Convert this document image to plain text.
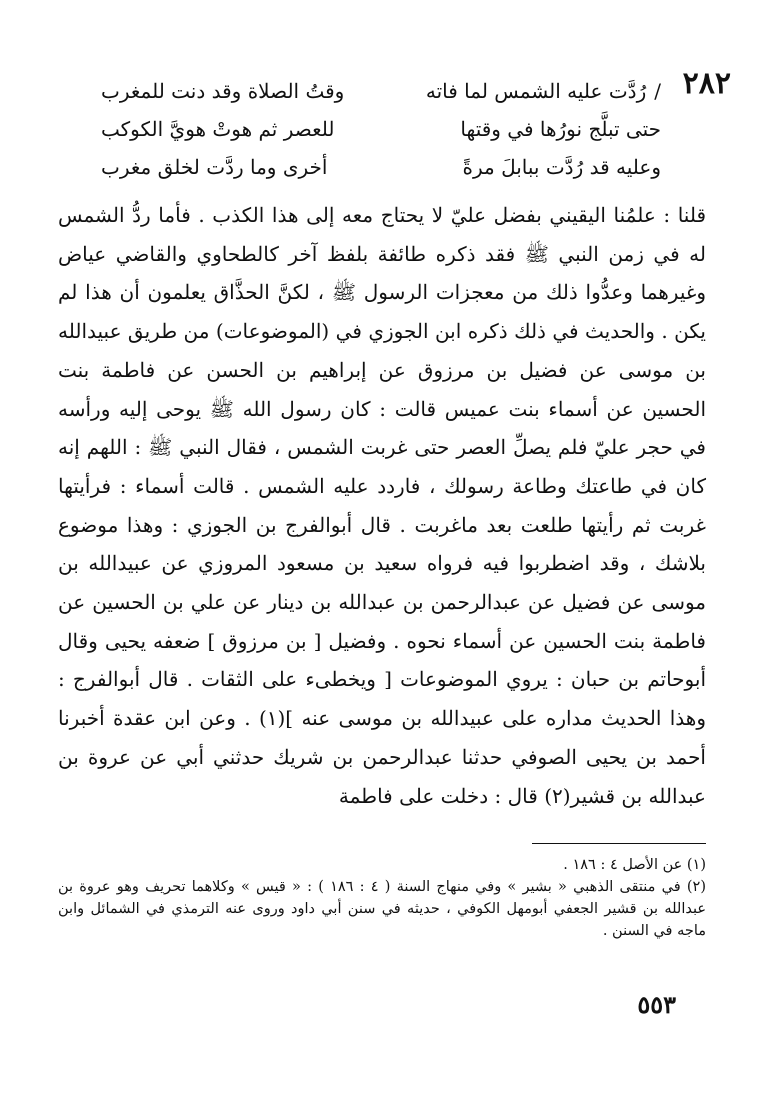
٢٨٢
/رُدَّت عليه الشمس لما فاته
وقتُ الصلاة وقد دنت للمغرب
حتى تبلَّج نورُها في وقتها
للعصر ثم هوتْ هويَّ الكوكب
وعليه قد رُدَّت ببابلَ مرةً
أخرى وما ردَّت لخلق مغرب

قلنا : علمُنا اليقيني بفضل عليّ لا يحتاج معه إلى هذا الكذب . فأما ردُّ الشمس له في زمن النبي ﷺ فقد ذكره طائفة بلفظ آخر كالطحاوي والقاضي عياض وغيرهما وعدُّوا ذلك من معجزات الرسول ﷺ ، لكنَّ الحذَّاق يعلمون أن هذا لم يكن . والحديث في ذلك ذكره ابن الجوزي في (الموضوعات) من طريق عبيدالله بن موسى عن فضيل بن مرزوق عن إبراهيم بن الحسن عن فاطمة بنت الحسين عن أسماء بنت عميس قالت : كان رسول الله ﷺ يوحى إليه ورأسه في حجر عليّ فلم يصلِّ العصر حتى غربت الشمس ، فقال النبي ﷺ : اللهم إنه كان في طاعتك وطاعة رسولك ، فاردد عليه الشمس . قالت أسماء : فرأيتها غربت ثم رأيتها طلعت بعد ماغربت . قال أبوالفرج بن الجوزي : وهذا موضوع بلاشك ، وقد اضطربوا فيه فرواه سعيد بن مسعود المروزي عن عبيدالله بن موسى عن فضيل عن عبدالرحمن بن عبدالله بن دينار عن علي بن الحسين عن فاطمة بنت الحسين عن أسماء نحوه . وفضيل [ بن مرزوق ] ضعفه يحيى وقال أبوحاتم بن حبان : يروي الموضوعات [ ويخطىء على الثقات . قال أبوالفرج : وهذا الحديث مداره على عبيدالله بن موسى عنه ](١) . وعن ابن عقدة أخبرنا أحمد بن يحيى الصوفي حدثنا عبدالرحمن بن شريك حدثني أبي عن عروة بن عبدالله بن قشير(٢) قال : دخلت على فاطمة

(١) عن الأصل ٤ : ١٨٦ .

(٢) في منتقى الذهبي « بشير » وفي منهاج السنة ( ٤ : ١٨٦ ) : « قيس » وكلاهما تحريف وهو عروة بن عبدالله بن قشير الجعفي أبومهل الكوفي ، حديثه في سنن أبي داود وروى عنه الترمذي في الشمائل وابن ماجه في السنن .

٥٥٣
